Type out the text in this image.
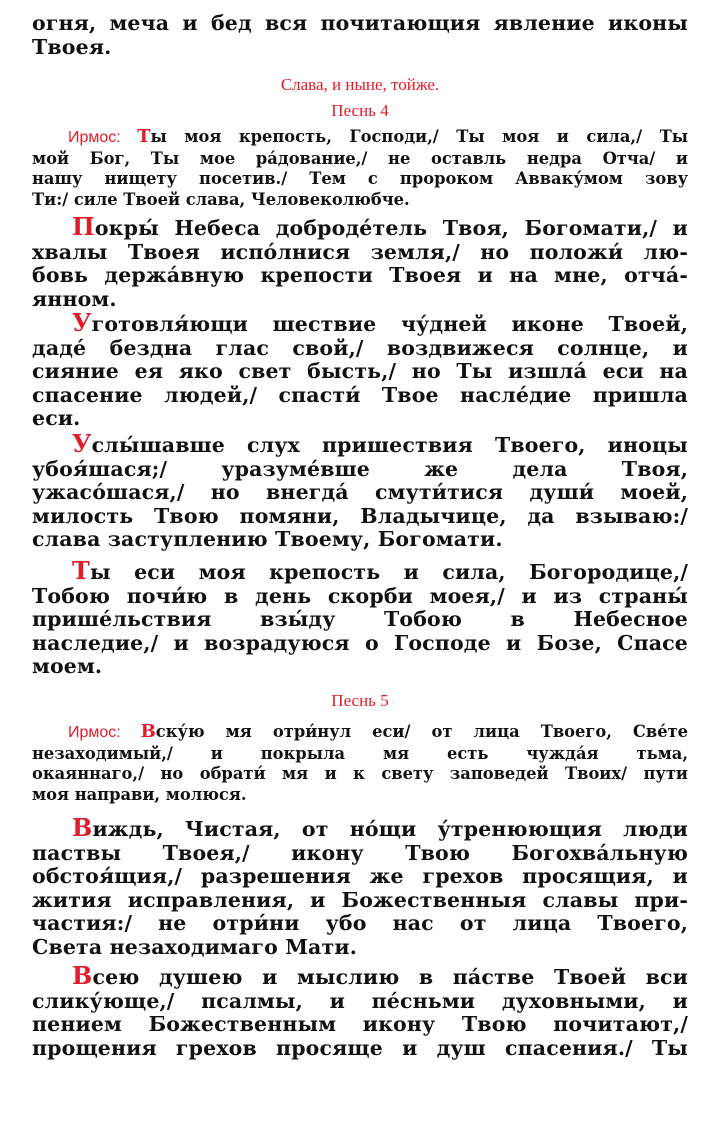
огня, меча и бед вся почитающия явление иконы
Твоея.
Слава, и ныне, тойже.
Песнь 4
Ирмос: Ты моя крепость, Господи,/ Ты моя и сила,/ Ты
мой Бог, Ты мое ра́дование,/ не оставль недра Отча/ и
нашу нищету посетив./ Тем с пророком Авваку́мом зову
Ти:/ силе Твоей слава, Человеколюбче.
Покры́ Небеса доброде́тель Твоя, Богомати,/ и
хвалы Твоея испо́лнися земля,/ но положи́ лю-
бовь держа́вную крепости Твоея и на мне, отча́-
янном.
Уготовля́ющи шествие чу́дней иконе Твоей,
даде́ бездна глас свой,/ воздвижеся солнце, и
сияние ея яко свет бысть,/ но Ты изшла́ еси на
спасение людей,/ спасти́ Твое насле́дие пришла
еси.
Услы́шавше слух пришествия Твоего, иноцы
убоя́шася;/ уразуме́вше же дела Твоя,
ужасо́шася,/ но внегда́ смути́тися души́ моей,
милость Твою помяни, Владычице, да взываю:/
слава заступлению Твоему, Богомати.
Ты еси моя крепость и сила, Богородице,/
Тобою почи́ю в день скорби моея,/ и из страны́
прише́льствия взы́ду Тобою в Небесное
наследие,/ и возрадуюся о Господе и Бозе, Спасе
моем.
Песнь 5
Ирмос: Вску́ю мя отри́нул еси/ от лица Твоего, Све́те
незаходимый,/ и покрыла мя есть чужда́я тьма,
окаяннаго,/ но обрати́ мя и к свету заповедей Твоих/ пути
моя направи, молюся.
Виждь, Чистая, от но́щи у́тренюющия люди
паствы Твоея,/ икону Твою Богохва́льную
обстоя́щия,/ разрешения же грехов просящия, и
жития исправления, и Божественныя славы при-
частия:/ не отри́ни убо нас от лица Твоего,
Света незаходимаго Мати.
Всею душею и мыслию в па́стве Твоей вси
слику́юще,/ псалмы, и пе́сньми духовными, и
пением Божественным икону Твою почитают,/
прощения грехов просяще и душ спасения./ Ты
